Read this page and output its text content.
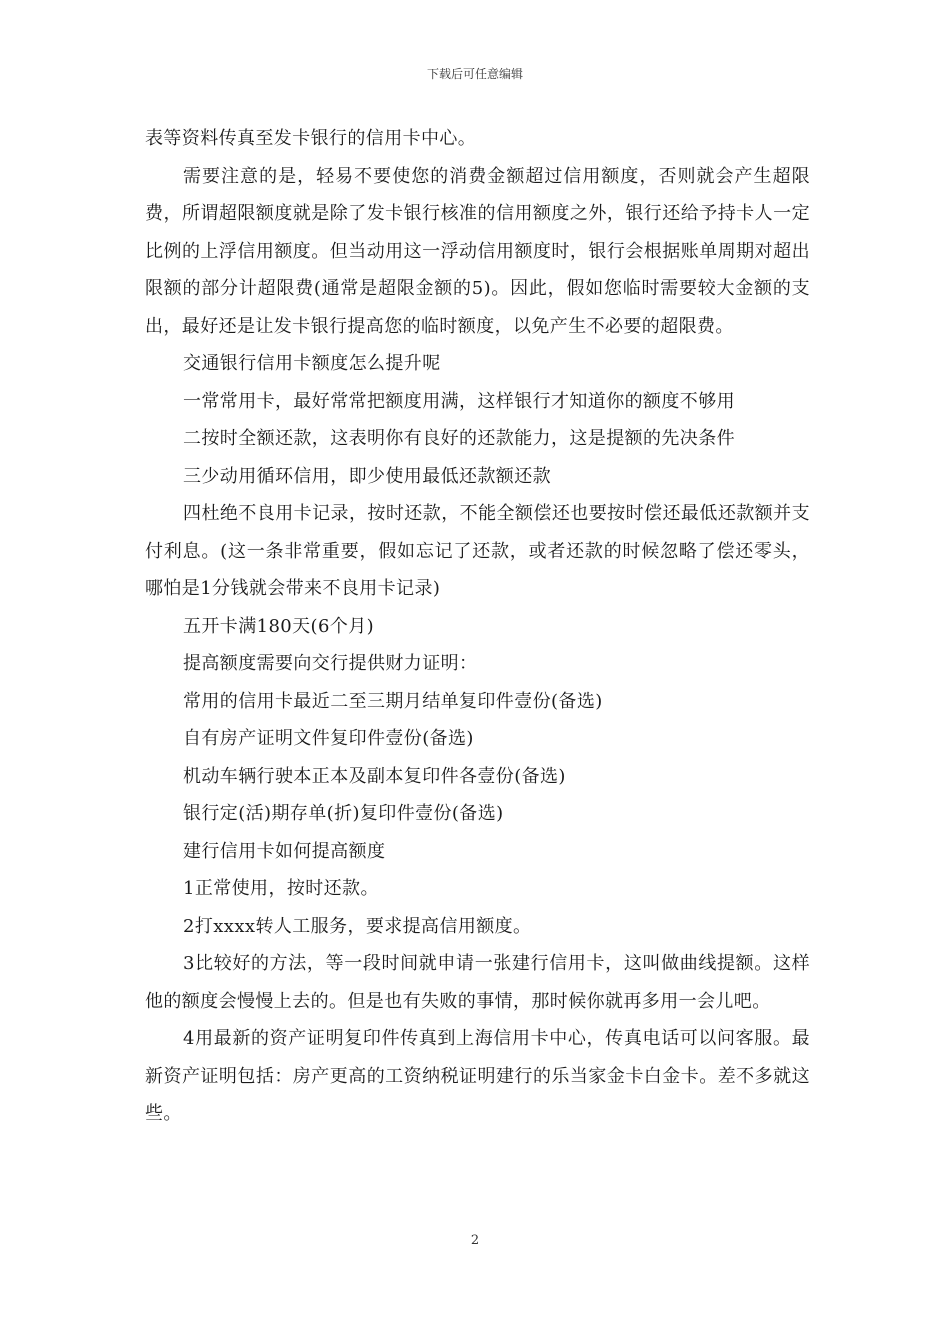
下载后可任意编辑

表等资料传真至发卡银行的信用卡中心。

需要注意的是，轻易不要使您的消费金额超过信用额度，否则就会产生超限费，所谓超限额度就是除了发卡银行核准的信用额度之外，银行还给予持卡人一定比例的上浮信用额度。但当动用这一浮动信用额度时，银行会根据账单周期对超出限额的部分计超限费(通常是超限金额的5)。因此，假如您临时需要较大金额的支出，最好还是让发卡银行提高您的临时额度，以免产生不必要的超限费。

交通银行信用卡额度怎么提升呢

一常常用卡，最好常常把额度用满，这样银行才知道你的额度不够用

二按时全额还款，这表明你有良好的还款能力，这是提额的先决条件

三少动用循环信用，即少使用最低还款额还款

四杜绝不良用卡记录，按时还款，不能全额偿还也要按时偿还最低还款额并支付利息。(这一条非常重要，假如忘记了还款，或者还款的时候忽略了偿还零头，哪怕是1分钱就会带来不良用卡记录)

五开卡满180天(6个月)

提高额度需要向交行提供财力证明：

常用的信用卡最近二至三期月结单复印件壹份(备选)

自有房产证明文件复印件壹份(备选)

机动车辆行驶本正本及副本复印件各壹份(备选)

银行定(活)期存单(折)复印件壹份(备选)

建行信用卡如何提高额度

1正常使用，按时还款。

2打xxxx转人工服务，要求提高信用额度。

3比较好的方法，等一段时间就申请一张建行信用卡，这叫做曲线提额。这样他的额度会慢慢上去的。但是也有失败的事情，那时候你就再多用一会儿吧。

4用最新的资产证明复印件传真到上海信用卡中心，传真电话可以问客服。最新资产证明包括：房产更高的工资纳税证明建行的乐当家金卡白金卡。差不多就这些。

2
